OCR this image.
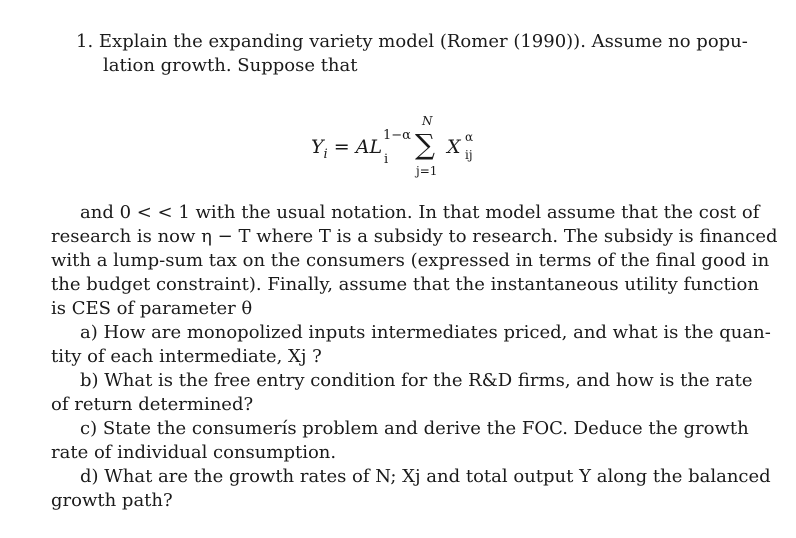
1. Explain the expanding variety model (Romer (1990)). Assume no popu-
lation growth. Suppose that
$Y_i$ = AL
1−α
i
N
∑
j=1
X α
ij
and 0 < < 1 with the usual notation. In that model assume that the cost of
research is now η − T where T is a subsidy to research. The subsidy is financed
with a lump-sum tax on the consumers (expressed in terms of the final good in
the budget constraint). Finally, assume that the instantaneous utility function
is CES of parameter θ
a) How are monopolized inputs intermediates priced, and what is the quan-
tity of each intermediate, Xj ?
b) What is the free entry condition for the R&D firms, and how is the rate
of return determined?
c) State the consumerís problem and derive the FOC. Deduce the growth
rate of individual consumption.
d) What are the growth rates of N; Xj and total output Y along the balanced
growth path?
